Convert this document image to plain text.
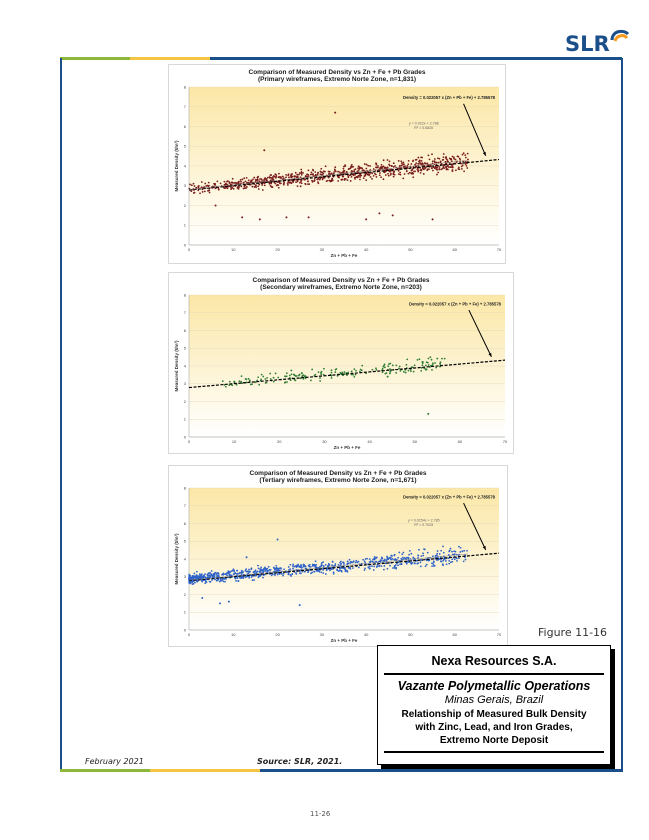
SLR
Comparison of Measured Density vs Zn + Fe + Pb Grades
(Primary wireframes, Extremo Norte Zone, n=1,831)
0
1
2
3
4
5
6
7
8
0	10	20	30	40	50	60	70
Zn + Pb + Fe
Measured Density (t/m³)
y = 0.022x + 2.788
R² = 0.6826
Density = 0.022057 x (Zn + Pb + Fe) + 2.785578
Comparison of Measured Density vs Zn + Fe + Pb Grades
(Secondary wireframes, Extremo Norte Zone, n=203)
0
1
2
3
4
5
6
7
8
0	10	20	30	40	50	60	70
Zn + Pb + Fe
Measured Density (t/m³)
Density = 0.022057 x (Zn + Pb + Fe) + 2.785578
Comparison of Measured Density vs Zn + Fe + Pb Grades
(Tertiary wireframes, Extremo Norte Zone, n=1,671)
0
1
2
3
4
5
6
7
8
0	10	20	30	40	50	60	70
Zn + Pb + Fe
Measured Density (t/m³)
y = 0.0254x + 2.785
R² = 0.7025
Density = 0.022057 x (Zn + Pb + Fe) + 2.785578
Figure 11-16
Nexa Resources S.A.
Vazante Polymetallic Operations
Minas Gerais, Brazil
Relationship of Measured Bulk Density
with Zinc, Lead, and Iron Grades,
Extremo Norte Deposit
February 2021	Source: SLR, 2021.
11-26
